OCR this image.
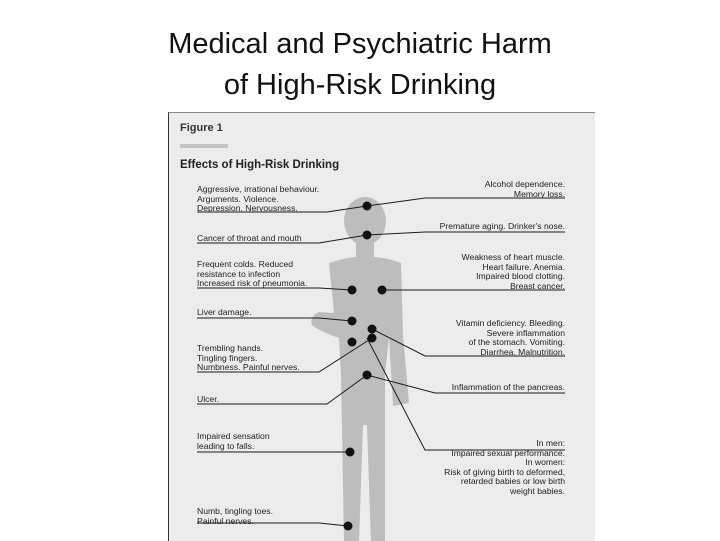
Medical and Psychiatric Harm
of High-Risk Drinking
Figure 1
Effects of High-Risk Drinking
Aggressive, irrational behaviour.
Arguments. Violence.
Depression. Nervousness.
Cancer of throat and mouth
Frequent colds. Reduced
resistance to infection
Increased risk of pneumonia.
Liver damage.
Trembling hands.
Tingling fingers.
Numbness. Painful nerves.
Ulcer.
Impaired sensation
leading to falls.
Numb, tingling toes.
Painful nerves.
Alcohol dependence.
Memory loss.
Premature aging. Drinker's nose.
Weakness of heart muscle.
Heart failure. Anemia.
Impaired blood clotting.
Breast cancer.
Vitamin deficiency. Bleeding.
Severe inflammation
of the stomach. Vomiting.
Diarrhea. Malnutrition.
Inflammation of the pancreas.
In men:
Impaired sexual performance.
In women:
Risk of giving birth to deformed,
retarded babies or low birth
weight babies.
